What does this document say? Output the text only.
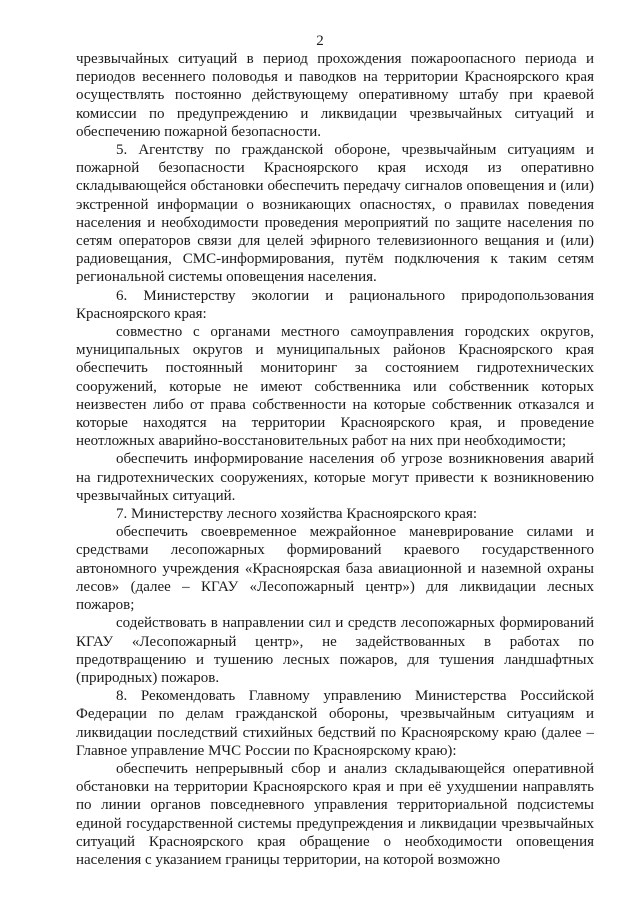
2

чрезвычайных ситуаций в период прохождения пожароопасного периода и периодов весеннего половодья и паводков на территории Красноярского края осуществлять постоянно действующему оперативному штабу при краевой комиссии по предупреждению и ликвидации чрезвычайных ситуаций и обеспечению пожарной безопасности.

5. Агентству по гражданской обороне, чрезвычайным ситуациям и пожарной безопасности Красноярского края исходя из оперативно складывающейся обстановки обеспечить передачу сигналов оповещения и (или) экстренной информации о возникающих опасностях, о правилах поведения населения и необходимости проведения мероприятий по защите населения по сетям операторов связи для целей эфирного телевизионного вещания и (или) радиовещания, СМС-информирования, путём подключения к таким сетям региональной системы оповещения населения.

6. Министерству экологии и рационального природопользования Красноярского края:

совместно с органами местного самоуправления городских округов, муниципальных округов и муниципальных районов Красноярского края обеспечить постоянный мониторинг за состоянием гидротехнических сооружений, которые не имеют собственника или собственник которых неизвестен либо от права собственности на которые собственник отказался и которые находятся на территории Красноярского края, и проведение неотложных аварийно-восстановительных работ на них при необходимости;

обеспечить информирование населения об угрозе возникновения аварий на гидротехнических сооружениях, которые могут привести к возникновению чрезвычайных ситуаций.

7. Министерству лесного хозяйства Красноярского края:

обеспечить своевременное межрайонное маневрирование силами и средствами лесопожарных формирований краевого государственного автономного учреждения «Красноярская база авиационной и наземной охраны лесов» (далее – КГАУ «Лесопожарный центр») для ликвидации лесных пожаров;

содействовать в направлении сил и средств лесопожарных формирований КГАУ «Лесопожарный центр», не задействованных в работах по предотвращению и тушению лесных пожаров, для тушения ландшафтных (природных) пожаров.

8. Рекомендовать Главному управлению Министерства Российской Федерации по делам гражданской обороны, чрезвычайным ситуациям и ликвидации последствий стихийных бедствий по Красноярскому краю (далее – Главное управление МЧС России по Красноярскому краю):

обеспечить непрерывный сбор и анализ складывающейся оперативной обстановки на территории Красноярского края и при её ухудшении направлять по линии органов повседневного управления территориальной подсистемы единой государственной системы предупреждения и ликвидации чрезвычайных ситуаций Красноярского края обращение о необходимости оповещения населения с указанием границы территории, на которой возможно
